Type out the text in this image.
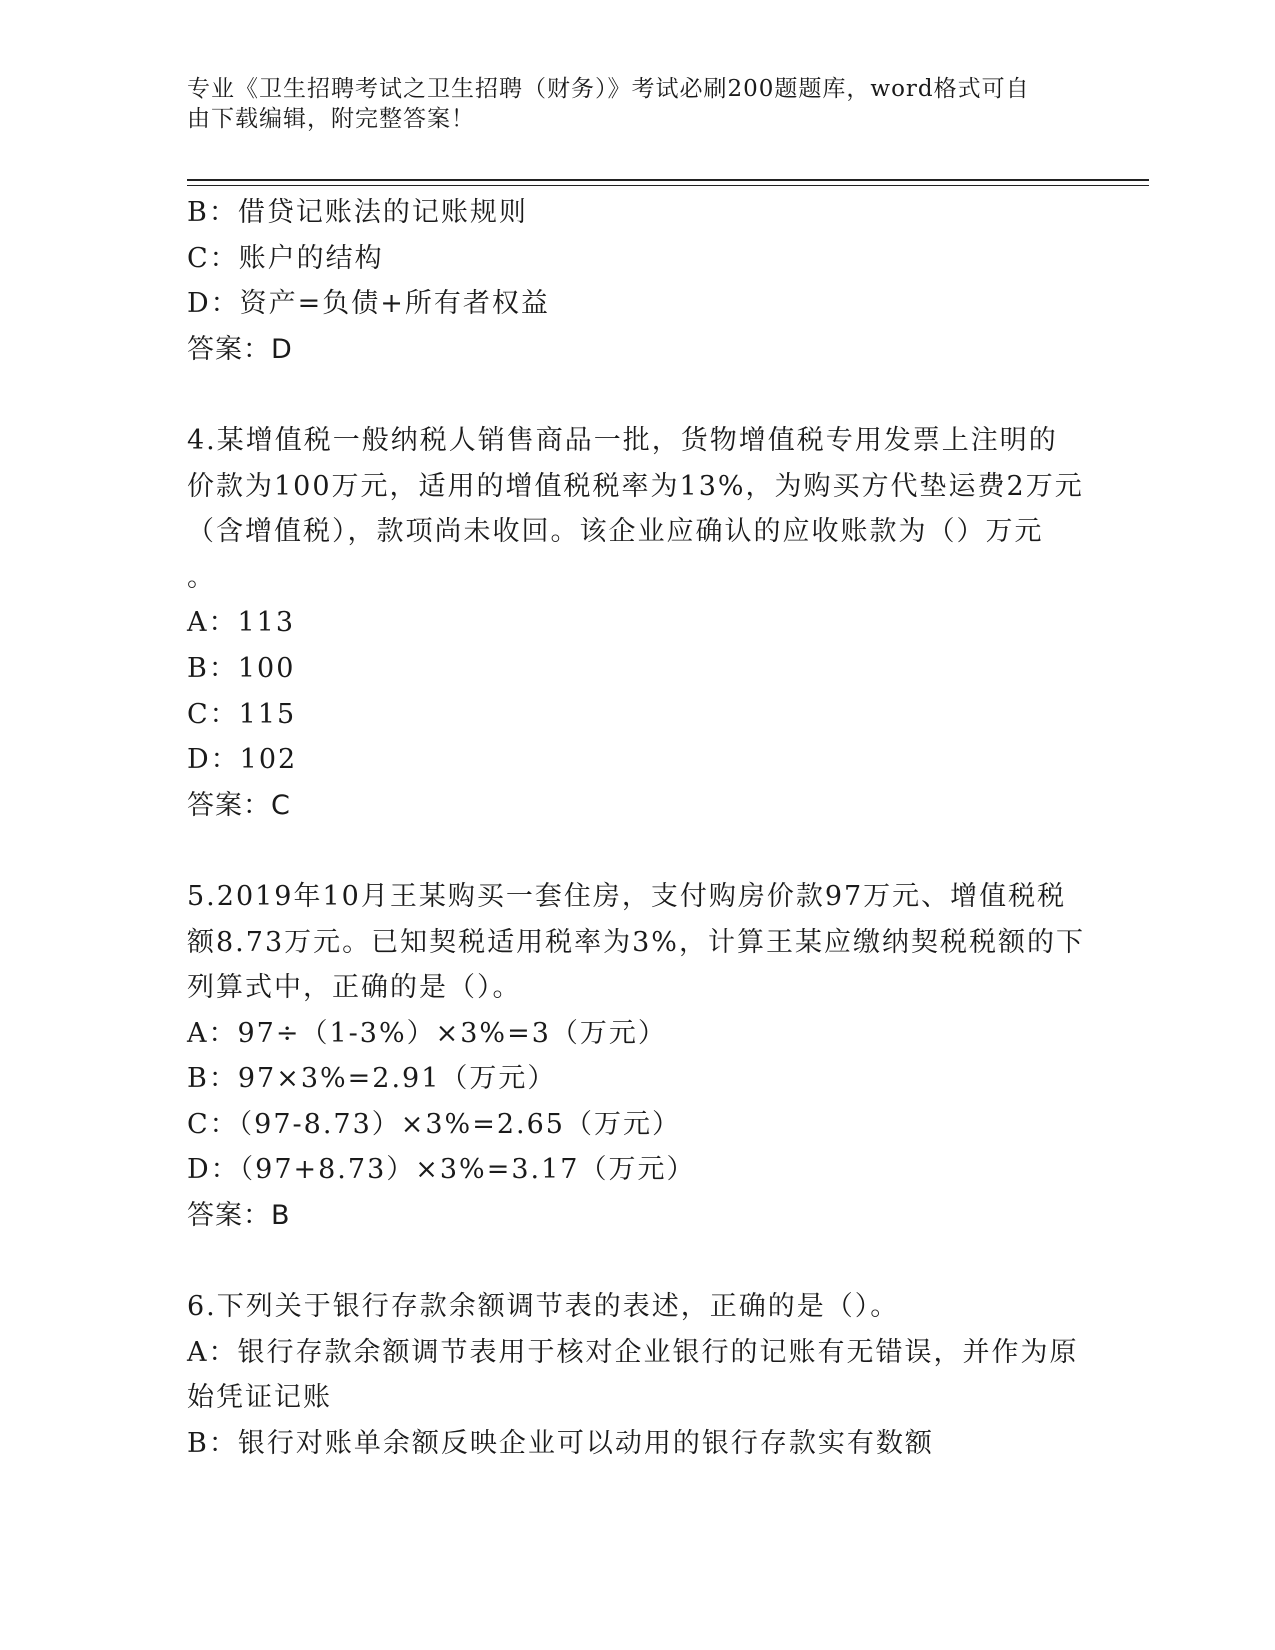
专业《卫生招聘考试之卫生招聘（财务）》考试必刷200题题库，word格式可自
由下载编辑，附完整答案！
B：借贷记账法的记账规则
C：账户的结构
D：资产=负债+所有者权益
答案：D
4.某增值税一般纳税人销售商品一批，货物增值税专用发票上注明的
价款为100万元，适用的增值税税率为13%，为购买方代垫运费2万元
（含增值税），款项尚未收回。该企业应确认的应收账款为（）万元
。
A：113
B：100
C：115
D：102
答案：C
5.2019年10月王某购买一套住房，支付购房价款97万元、增值税税
额8.73万元。已知契税适用税率为3%，计算王某应缴纳契税税额的下
列算式中，正确的是（）。
A：97÷（1-3%）×3%=3（万元）
B：97×3%=2.91（万元）
C：（97-8.73）×3%=2.65（万元）
D：（97+8.73）×3%=3.17（万元）
答案：B
6.下列关于银行存款余额调节表的表述，正确的是（）。
A：银行存款余额调节表用于核对企业银行的记账有无错误，并作为原
始凭证记账
B：银行对账单余额反映企业可以动用的银行存款实有数额
